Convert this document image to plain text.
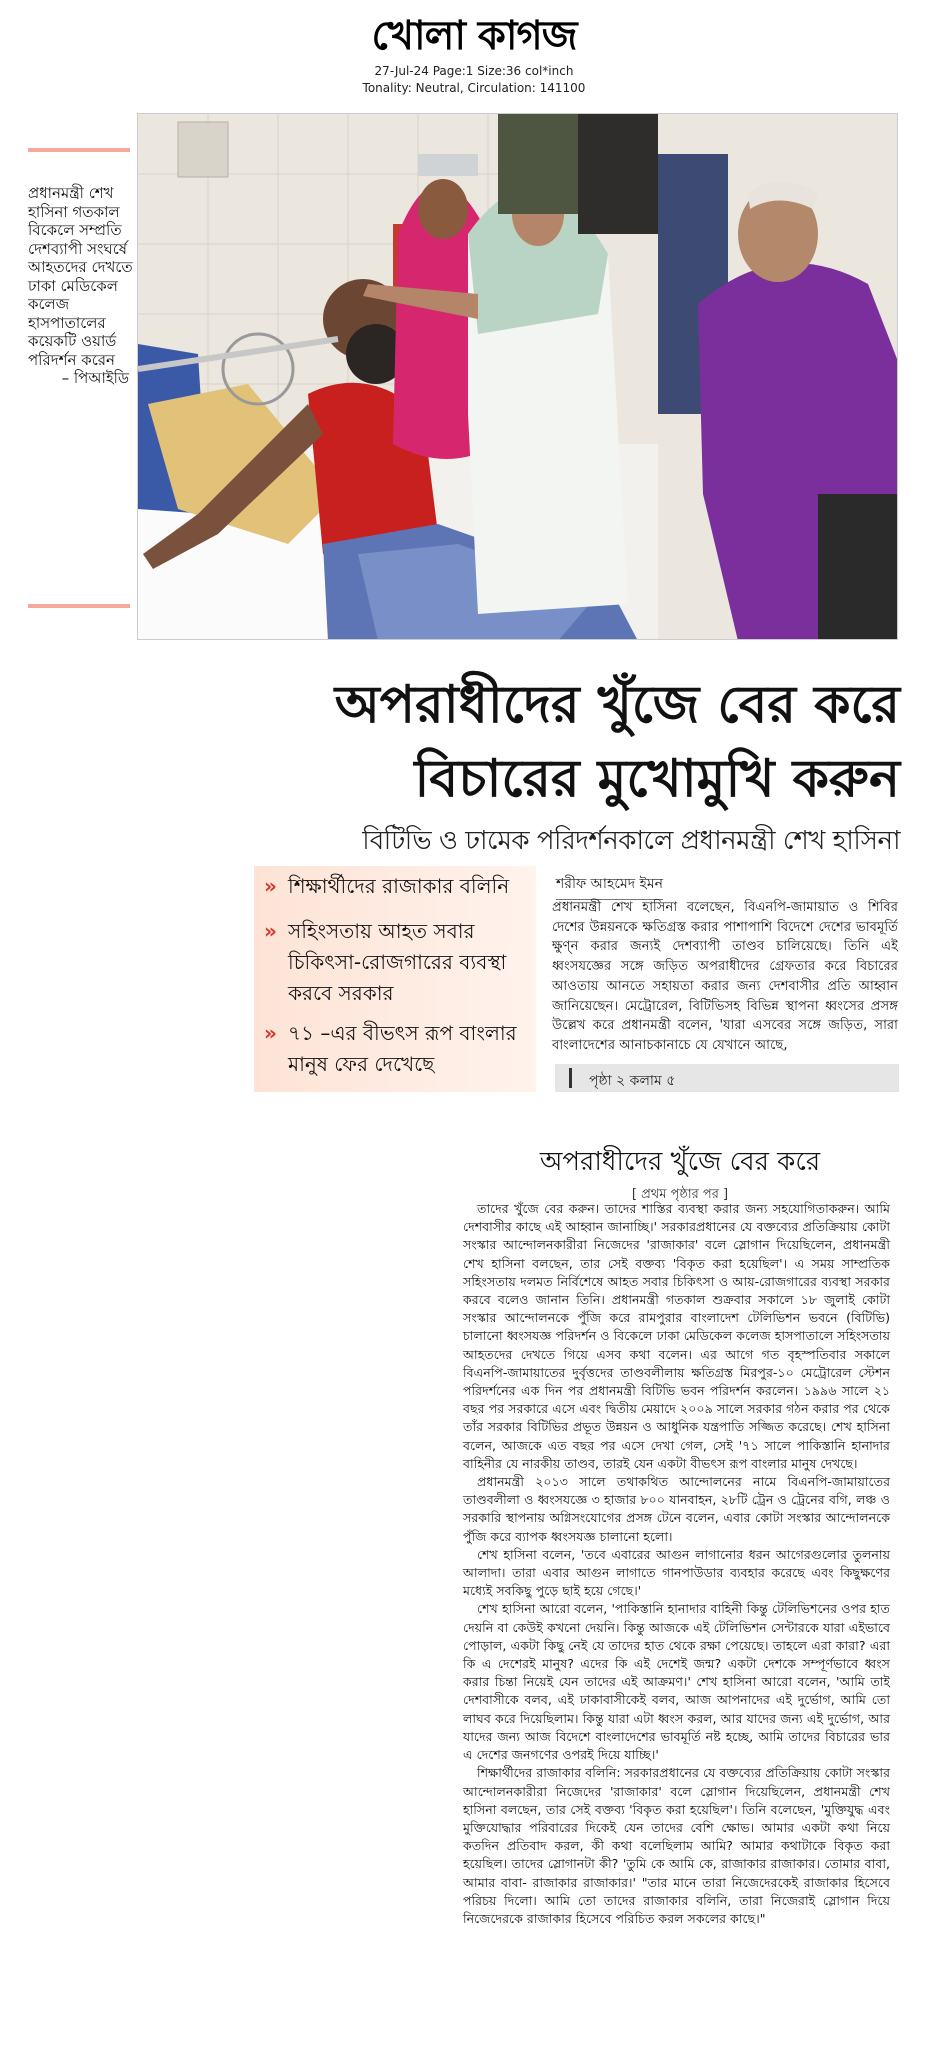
খোলা কাগজ
27-Jul-24 Page:1 Size:36 col*inch
Tonality: Neutral, Circulation: 141100
প্রধানমন্ত্রী শেখ হাসিনা গতকাল বিকেলে সম্প্রতি দেশব্যাপী সংঘর্ষে আহতদের দেখতে ঢাকা মেডিকেল কলেজ হাসপাতালের কয়েকটি ওয়ার্ড পরিদর্শন করেন
– পিআইডি
অপরাধীদের খুঁজে বের করে
বিচারের মুখোমুখি করুন
বিটিভি ও ঢামেক পরিদর্শনকালে প্রধানমন্ত্রী শেখ হাসিনা
» শিক্ষার্থীদের রাজাকার বলিনি
» সহিংসতায় আহত সবার চিকিৎসা-রোজগারের ব্যবস্থা করবে সরকার
» ৭১ –এর বীভৎস রূপ বাংলার মানুষ ফের দেখেছে
শরীফ আহমেদ ইমন
প্রধানমন্ত্রী শেখ হাসিনা বলেছেন, বিএনপি-জামায়াত ও শিবির দেশের উন্নয়নকে ক্ষতিগ্রস্ত করার পাশাপাশি বিদেশে দেশের ভাবমূর্তি ক্ষুণ্ন করার জন্যই দেশব্যাপী তাণ্ডব চালিয়েছে। তিনি এই ধ্বংসযজ্ঞের সঙ্গে জড়িত অপরাধীদের গ্রেফতার করে বিচারের আওতায় আনতে সহায়তা করার জন্য দেশবাসীর প্রতি আহ্বান জানিয়েছেন। মেট্রোরেল, বিটিভিসহ বিভিন্ন স্থাপনা ধ্বংসের প্রসঙ্গ উল্লেখ করে প্রধানমন্ত্রী বলেন, 'যারা এসবের সঙ্গে জড়িত, সারা বাংলাদেশের আনাচকানাচে যে যেখানে আছে,
পৃষ্ঠা ২ কলাম ৫
অপরাধীদের খুঁজে বের করে
[ প্রথম পৃষ্ঠার পর ]

তাদের খুঁজে বের করুন। তাদের শাস্তির ব্যবস্থা করার জন্য সহযোগিতাকরুন। আমি দেশবাসীর কাছে এই আহ্বান জানাচ্ছি।' সরকারপ্রধানের যে বক্তব্যের প্রতিক্রিয়ায় কোটা সংস্কার আন্দোলনকারীরা নিজেদের 'রাজাকার' বলে স্লোগান দিয়েছিলেন, প্রধানমন্ত্রী শেখ হাসিনা বলছেন, তার সেই বক্তব্য 'বিকৃত করা হয়েছিল'। এ সময় সাম্প্রতিক সহিংসতায় দলমত নির্বিশেষে আহত সবার চিকিৎসা ও আয়-রোজগারের ব্যবস্থা সরকার করবে বলেও জানান তিনি। প্রধানমন্ত্রী গতকাল শুক্রবার সকালে ১৮ জুলাই কোটা সংস্কার আন্দোলনকে পুঁজি করে রামপুরার বাংলাদেশ টেলিভিশন ভবনে (বিটিভি) চালানো ধ্বংসযজ্ঞ পরিদর্শন ও বিকেলে ঢাকা মেডিকেল কলেজ হাসপাতালে সহিংসতায় আহতদের দেখতে গিয়ে এসব কথা বলেন। এর আগে গত বৃহস্পতিবার সকালে বিএনপি-জামায়াতের দুর্বৃত্তদের তাণ্ডবলীলায় ক্ষতিগ্রস্ত মিরপুর-১০ মেট্রোরেল স্টেশন পরিদর্শনের এক দিন পর প্রধানমন্ত্রী বিটিভি ভবন পরিদর্শন করলেন। ১৯৯৬ সালে ২১ বছর পর সরকারে এসে এবং দ্বিতীয় মেয়াদে ২০০৯ সালে সরকার গঠন করার পর থেকে তাঁর সরকার বিটিভির প্রভূত উন্নয়ন ও আধুনিক যন্ত্রপাতি সজ্জিত করেছে। শেখ হাসিনা বলেন, আজকে এত বছর পর এসে দেখা গেল, সেই '৭১ সালে পাকিস্তানি হানাদার বাহিনীর যে নারকীয় তাণ্ডব, তারই যেন একটা বীভৎস রূপ বাংলার মানুষ দেখছে।

প্রধানমন্ত্রী ২০১৩ সালে তথাকথিত আন্দোলনের নামে বিএনপি-জামায়াতের তাণ্ডবলীলা ও ধ্বংসযজ্ঞে ৩ হাজার ৮০০ যানবাহন, ২৮টি ট্রেন ও ট্রেনের বগি, লঞ্চ ও সরকারি স্থাপনায় অগ্নিসংযোগের প্রসঙ্গ টেনে বলেন, এবার কোটা সংস্কার আন্দোলনকে পুঁজি করে ব্যাপক ধ্বংসযজ্ঞ চালানো হলো।

শেখ হাসিনা বলেন, 'তবে এবারের আগুন লাগানোর ধরন আগেরগুলোর তুলনায় আলাদা। তারা এবার আগুন লাগাতে গানপাউডার ব্যবহার করেছে এবং কিছুক্ষণের মধ্যেই সবকিছু পুড়ে ছাই হয়ে গেছে।'

শেখ হাসিনা আরো বলেন, 'পাকিস্তানি হানাদার বাহিনী কিন্তু টেলিভিশনের ওপর হাত দেয়নি বা কেউই কখনো দেয়নি। কিন্তু আজকে এই টেলিভিশন সেন্টারকে যারা এইভাবে পোড়াল, একটা কিছু নেই যে তাদের হাত থেকে রক্ষা পেয়েছে। তাহলে এরা কারা? এরা কি এ দেশেরই মানুষ? এদের কি এই দেশেই জন্ম? একটা দেশকে সম্পূর্ণভাবে ধ্বংস করার চিন্তা নিয়েই যেন তাদের এই আক্রমণ।' শেখ হাসিনা আরো বলেন, 'আমি তাই দেশবাসীকে বলব, এই ঢাকাবাসীকেই বলব, আজ আপনাদের এই দুর্ভোগ, আমি তো লাঘব করে দিয়েছিলাম। কিন্তু যারা এটা ধ্বংস করল, আর যাদের জন্য এই দুর্ভোগ, আর যাদের জন্য আজ বিদেশে বাংলাদেশের ভাবমূর্তি নষ্ট হচ্ছে, আমি তাদের বিচারের ভার এ দেশের জনগণের ওপরই দিয়ে যাচ্ছি।'

শিক্ষার্থীদের রাজাকার বলিনি: সরকারপ্রধানের যে বক্তব্যের প্রতিক্রিয়ায় কোটা সংস্কার আন্দোলনকারীরা নিজেদের 'রাজাকার' বলে স্লোগান দিয়েছিলেন, প্রধানমন্ত্রী শেখ হাসিনা বলছেন, তার সেই বক্তব্য 'বিকৃত করা হয়েছিল'। তিনি বলেছেন, 'মুক্তিযুদ্ধ এবং মুক্তিযোদ্ধার পরিবারের দিকেই যেন তাদের বেশি ক্ষোভ। আমার একটা কথা নিয়ে কতদিন প্রতিবাদ করল, কী কথা বলেছিলাম আমি? আমার কথাটাকে বিকৃত করা হয়েছিল। তাদের স্লোগানটা কী? 'তুমি কে আমি কে, রাজাকার রাজাকার। তোমার বাবা, আমার বাবা- রাজাকার রাজাকার।' "তার মানে তারা নিজেদেরকেই রাজাকার হিসেবে পরিচয় দিলো। আমি তো তাদের রাজাকার বলিনি, তারা নিজেরাই স্লোগান দিয়ে নিজেদেরকে রাজাকার হিসেবে পরিচিত করল সকলের কাছে।"
